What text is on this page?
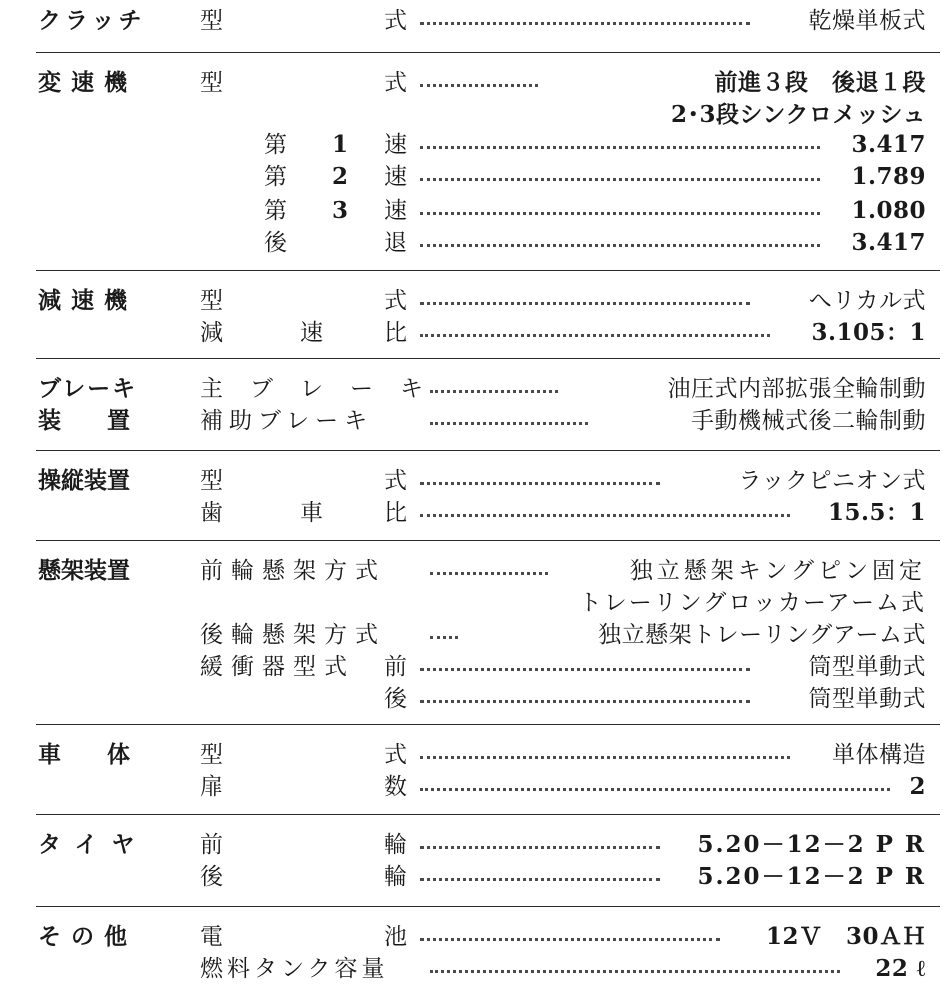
クラッチ 型	式	乾燥単板式
変速機	型	式	前進３段　後退１段
2･3段シンクロメッシュ
第 1 速	3.417
第 2 速	1.789
第 3 速	1.080
後	退	3.417
減速機	型	式	へリカル式
減	速	比	3.105：1
ブレーキ
装　　置
主　ブ　レ　ー　キ	油圧式内部拡張全輪制動
補助ブレーキ	手動機械式後二輪制動
操縦装置	型	式	ラックピニオン式
歯	車	比	15.5：1
懸架装置	前輪懸架方式	独立懸架キングピン固定
トレーリングロッカーアーム式
後輪懸架方式	独立懸架トレーリングアーム式
緩衝器型式 前	筒型単動式
後	筒型単動式
車　　体	型	式	単体構造
扉	数	2
タイヤ 前	輪	5.20－12－2 P R
後	輪	5.20－12－2 P R
その他	電	池	12Ｖ　30ＡＨ
燃料タンク容量	22 ℓ
